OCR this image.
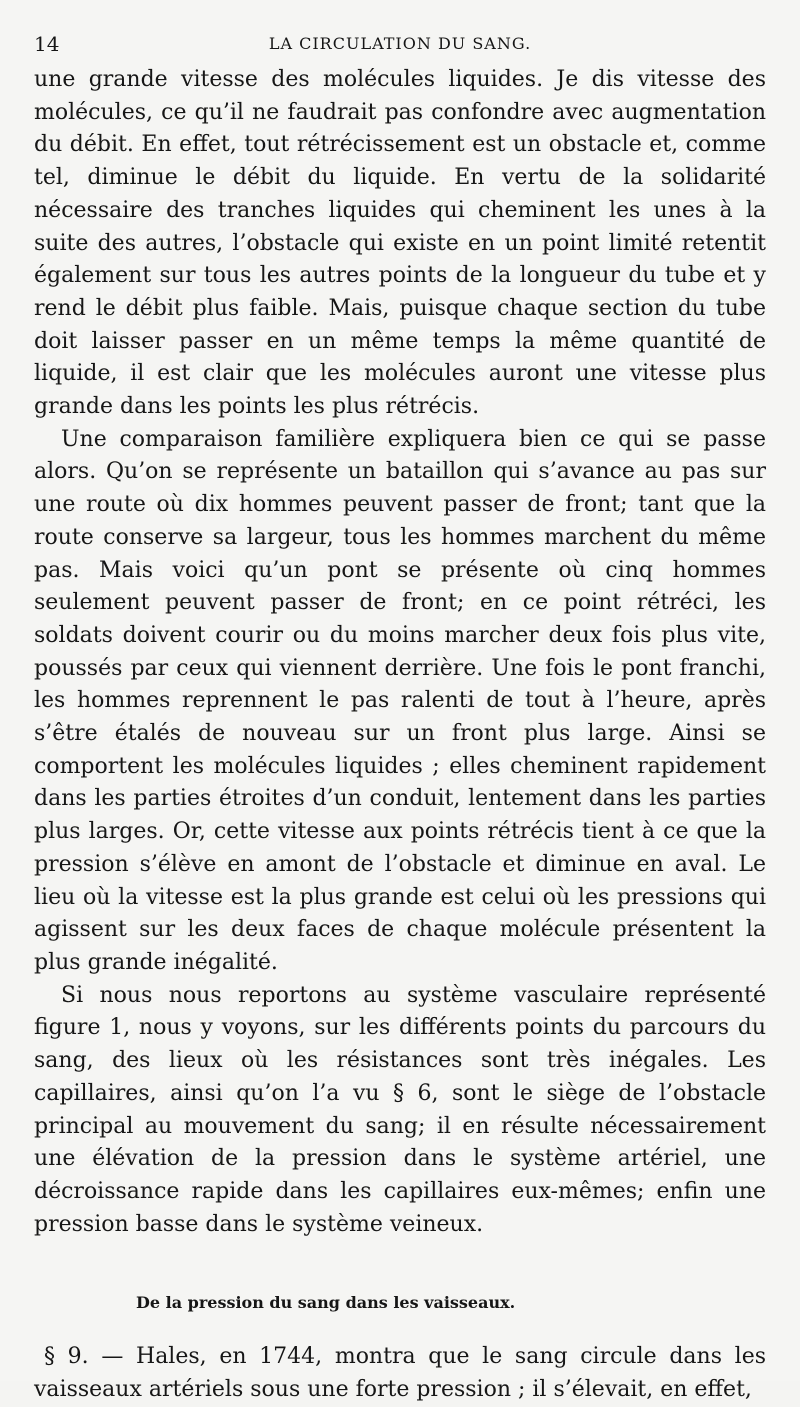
14	LA CIRCULATION DU SANG.

une grande vitesse des molécules liquides. Je dis vitesse des molécules, ce qu’il ne faudrait pas confondre avec augmentation du débit. En effet, tout rétrécissement est un obstacle et, comme tel, diminue le débit du liquide. En vertu de la solidarité nécessaire des tranches liquides qui cheminent les unes à la suite des autres, l’obstacle qui existe en un point limité retentit également sur tous les autres points de la longueur du tube et y rend le débit plus faible. Mais, puisque chaque section du tube doit laisser passer en un même temps la même quantité de liquide, il est clair que les molécules auront une vitesse plus grande dans les points les plus rétrécis.

Une comparaison familière expliquera bien ce qui se passe alors. Qu’on se représente un bataillon qui s’avance au pas sur une route où dix hommes peuvent passer de front; tant que la route conserve sa largeur, tous les hommes marchent du même pas. Mais voici qu’un pont se présente où cinq hommes seulement peuvent passer de front; en ce point rétréci, les soldats doivent courir ou du moins marcher deux fois plus vite, poussés par ceux qui viennent derrière. Une fois le pont franchi, les hommes reprennent le pas ralenti de tout à l’heure, après s’être étalés de nouveau sur un front plus large. Ainsi se comportent les molécules liquides ; elles cheminent rapidement dans les parties étroites d’un conduit, lentement dans les parties plus larges. Or, cette vitesse aux points rétrécis tient à ce que la pression s’élève en amont de l’obstacle et diminue en aval. Le lieu où la vitesse est la plus grande est celui où les pressions qui agissent sur les deux faces de chaque molécule présentent la plus grande inégalité.

Si nous nous reportons au système vasculaire représenté figure 1, nous y voyons, sur les différents points du parcours du sang, des lieux où les résistances sont très inégales. Les capillaires, ainsi qu’on l’a vu § 6, sont le siège de l’obstacle principal au mouvement du sang; il en résulte nécessairement une élévation de la pression dans le système artériel, une décroissance rapide dans les capillaires eux-mêmes; enfin une pression basse dans le système veineux.

De la pression du sang dans les vaisseaux.

§ 9. — Hales, en 1744, montra que le sang circule dans les vaisseaux artériels sous une forte pression ; il s’élevait, en effet,
